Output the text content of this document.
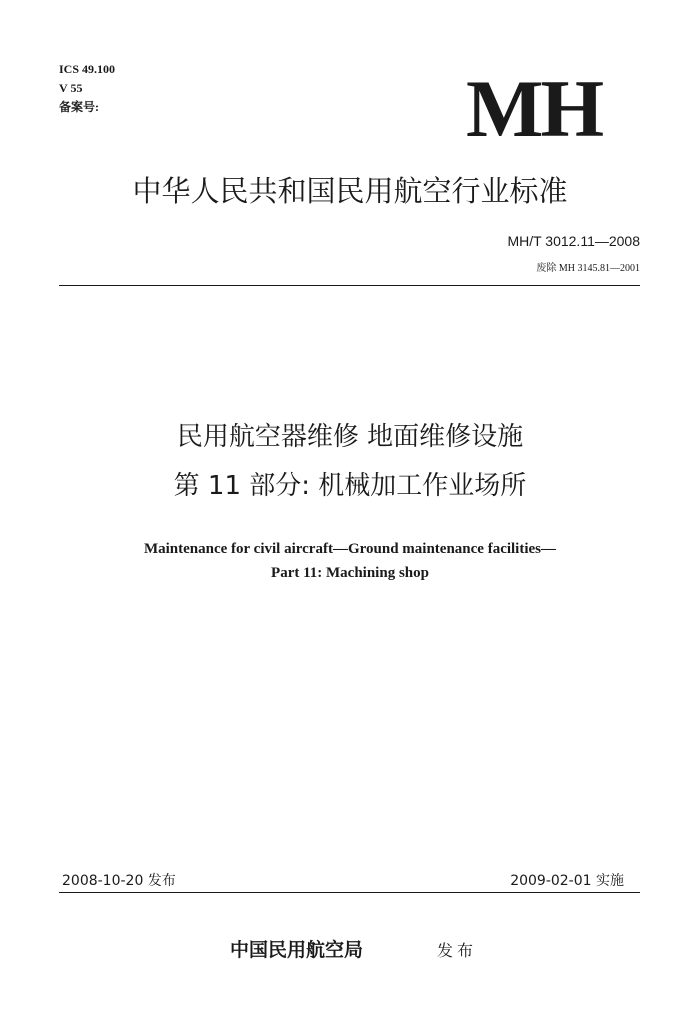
ICS 49.100
V 55
备案号:	MH
中华人民共和国民用航空行业标准
MH/T 3012.11—2008
废除 MH 3145.81—2001
民用航空器维修 地面维修设施
第 11 部分: 机械加工作业场所
Maintenance for civil aircraft—Ground maintenance facilities—
Part 11: Machining shop
2008-10-20 发布	2009-02-01 实施
中国民用航空局	发布
